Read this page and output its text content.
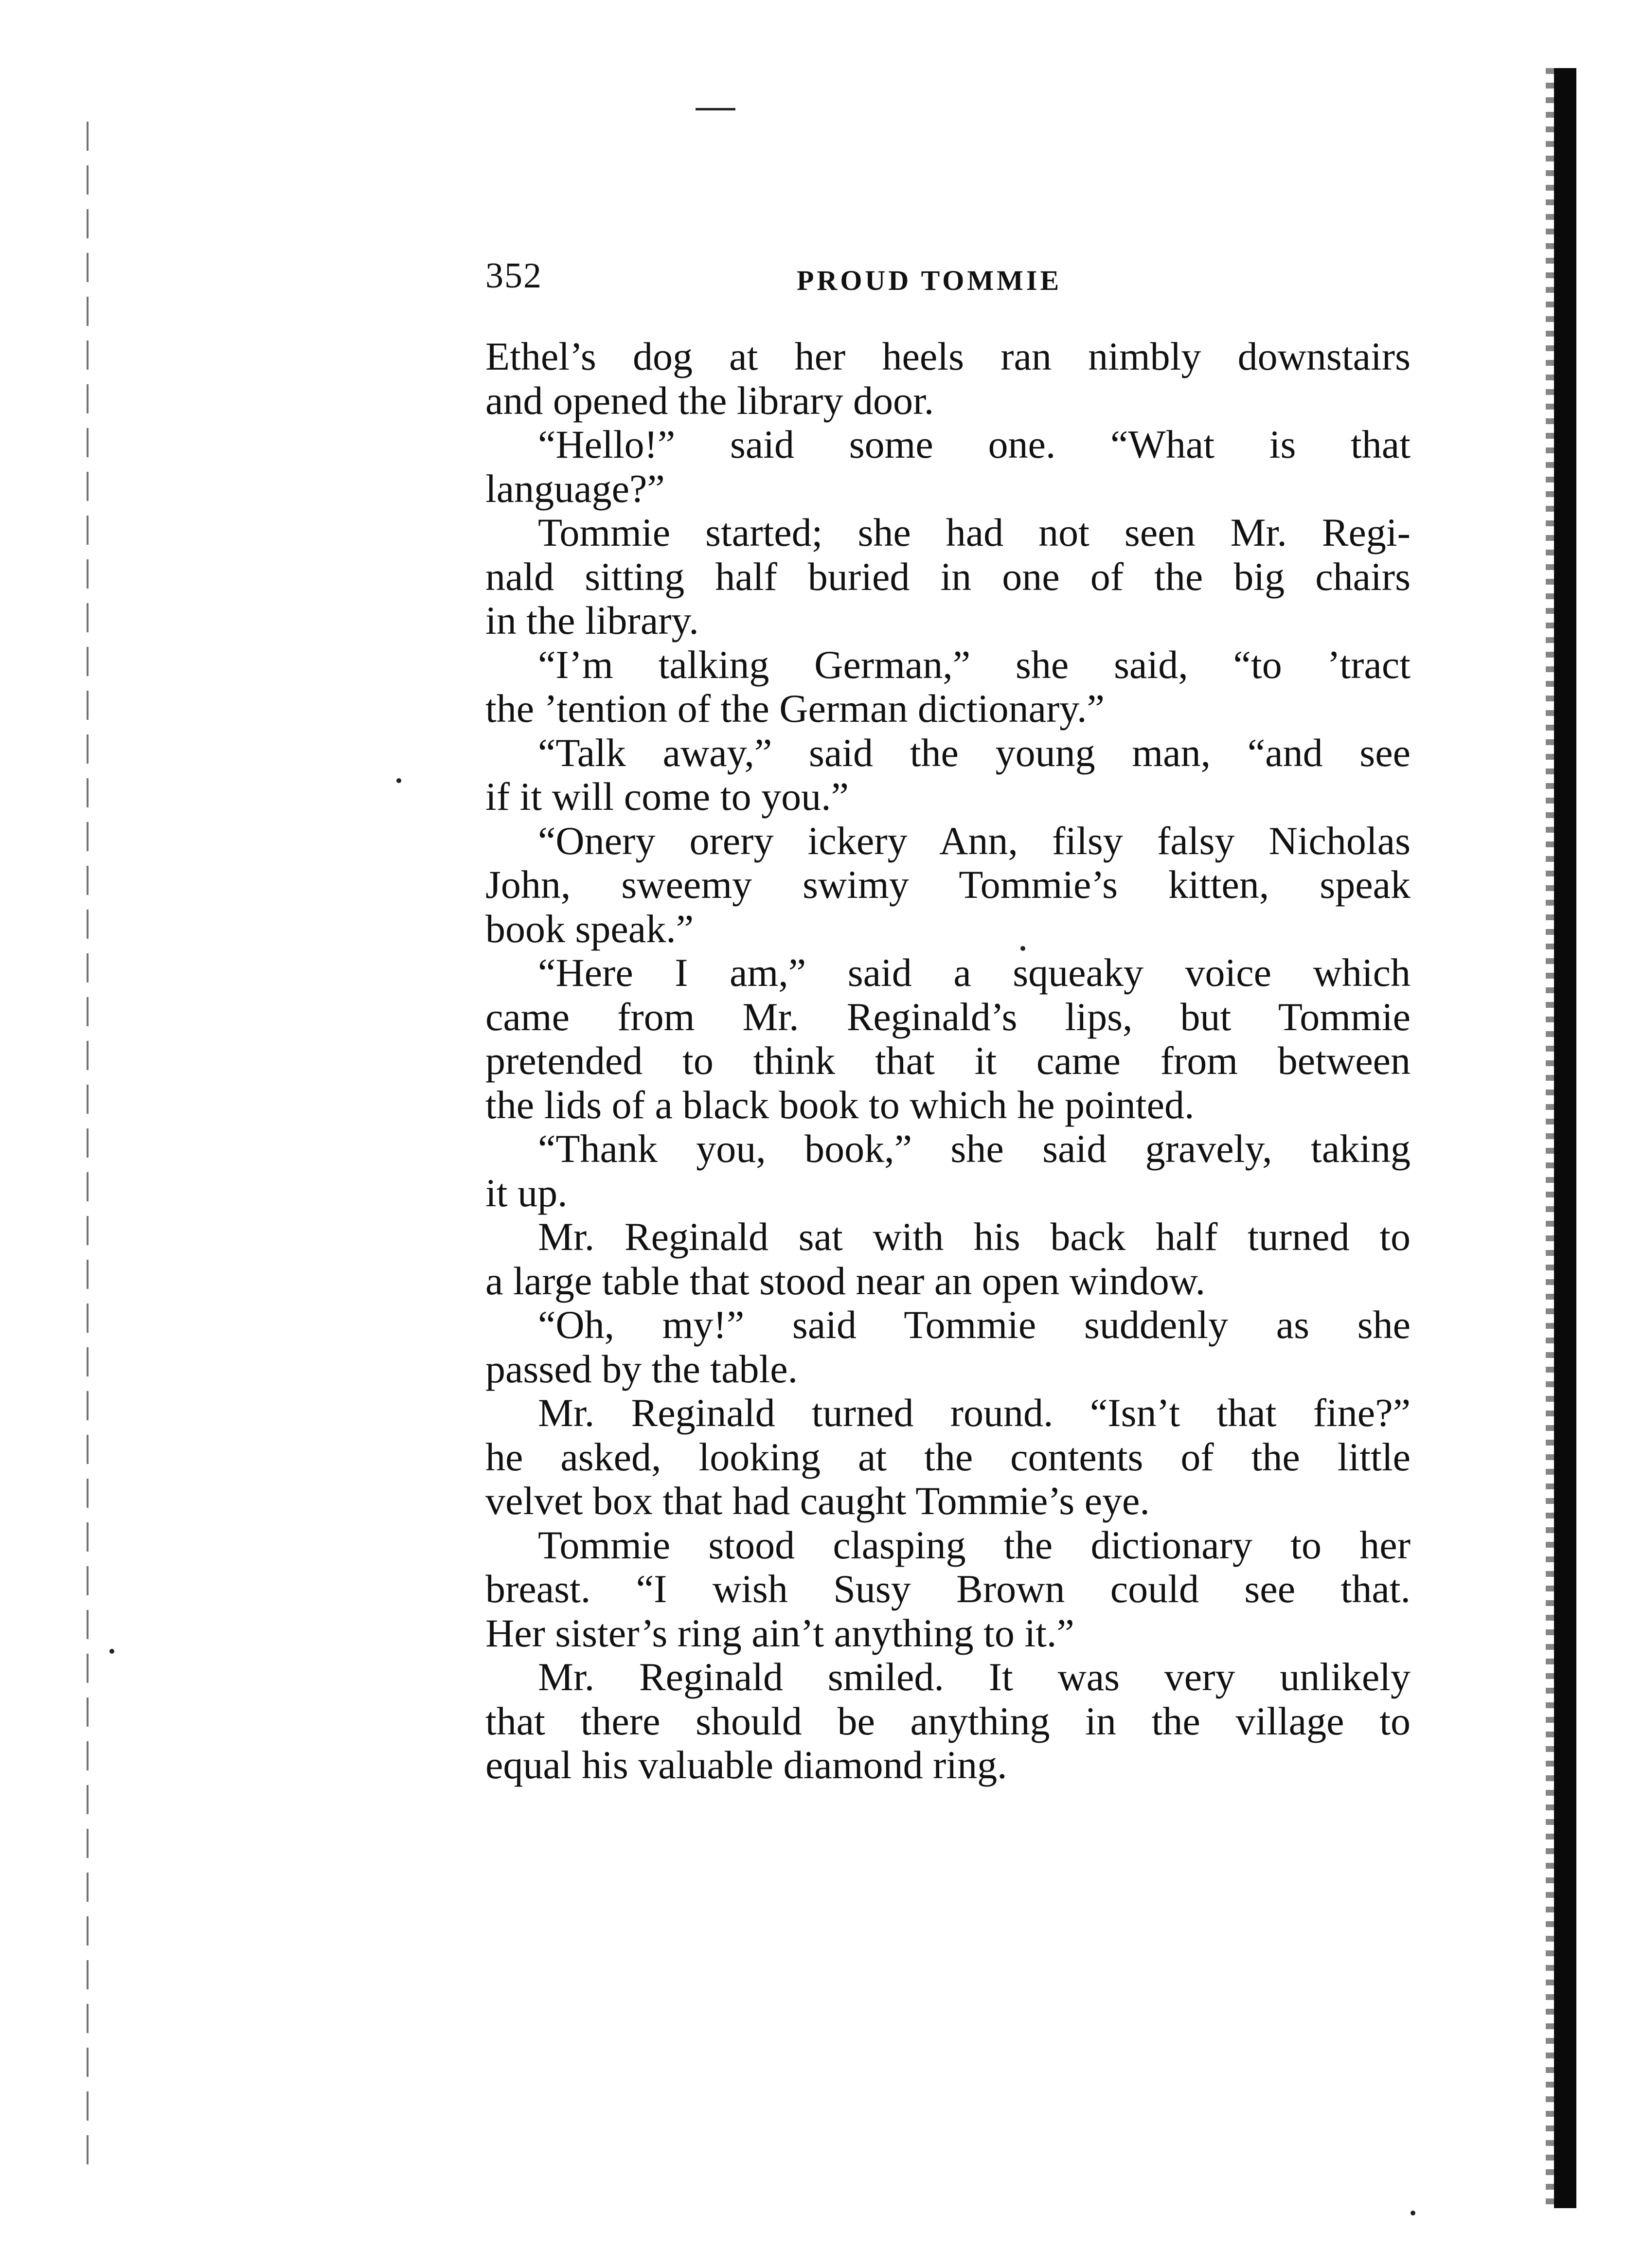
352	PROUD TOMMIE
Ethel’s dog at her heels ran nimbly downstairs
and opened the library door.
“Hello!” said some one. “What is that
language?”
Tommie started; she had not seen Mr. Regi-
nald sitting half buried in one of the big chairs
in the library.
“I’m talking German,” she said, “to ’tract
the ’tention of the German dictionary.”
“Talk away,” said the young man, “and see
if it will come to you.”
“Onery orery ickery Ann, filsy falsy Nicholas
John, sweemy swimy Tommie’s kitten, speak
book speak.”
“Here I am,” said a squeaky voice which
came from Mr. Reginald’s lips, but Tommie
pretended to think that it came from between
the lids of a black book to which he pointed.
“Thank you, book,” she said gravely, taking
it up.
Mr. Reginald sat with his back half turned to
a large table that stood near an open window.
“Oh, my!” said Tommie suddenly as she
passed by the table.
Mr. Reginald turned round. “Isn’t that fine?”
he asked, looking at the contents of the little
velvet box that had caught Tommie’s eye.
Tommie stood clasping the dictionary to her
breast. “I wish Susy Brown could see that.
Her sister’s ring ain’t anything to it.”
Mr. Reginald smiled. It was very unlikely
that there should be anything in the village to
equal his valuable diamond ring.
